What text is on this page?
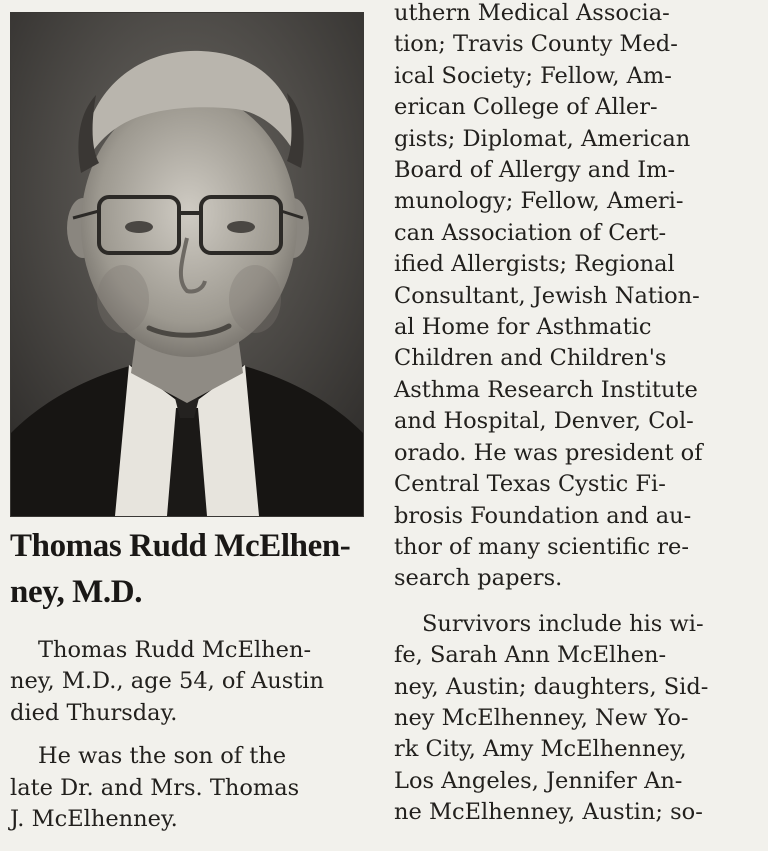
Thomas Rudd McElhen-
ney, M.D.

Thomas Rudd McElhen-
ney, M.D., age 54, of Austin
died Thursday.

He was the son of the
late Dr. and Mrs. Thomas
J. McElhenney.

uthern Medical Associa-
tion; Travis County Med-
ical Society; Fellow, Am-
erican College of Aller-
gists; Diplomat, American
Board of Allergy and Im-
munology; Fellow, Ameri-
can Association of Cert-
ified Allergists; Regional
Consultant, Jewish Nation-
al Home for Asthmatic
Children and Children's
Asthma Research Institute
and Hospital, Denver, Col-
orado. He was president of
Central Texas Cystic Fi-
brosis Foundation and au-
thor of many scientific re-
search papers.

Survivors include his wi-
fe, Sarah Ann McElhen-
ney, Austin; daughters, Sid-
ney McElhenney, New Yo-
rk City, Amy McElhenney,
Los Angeles, Jennifer An-
ne McElhenney, Austin; so-
